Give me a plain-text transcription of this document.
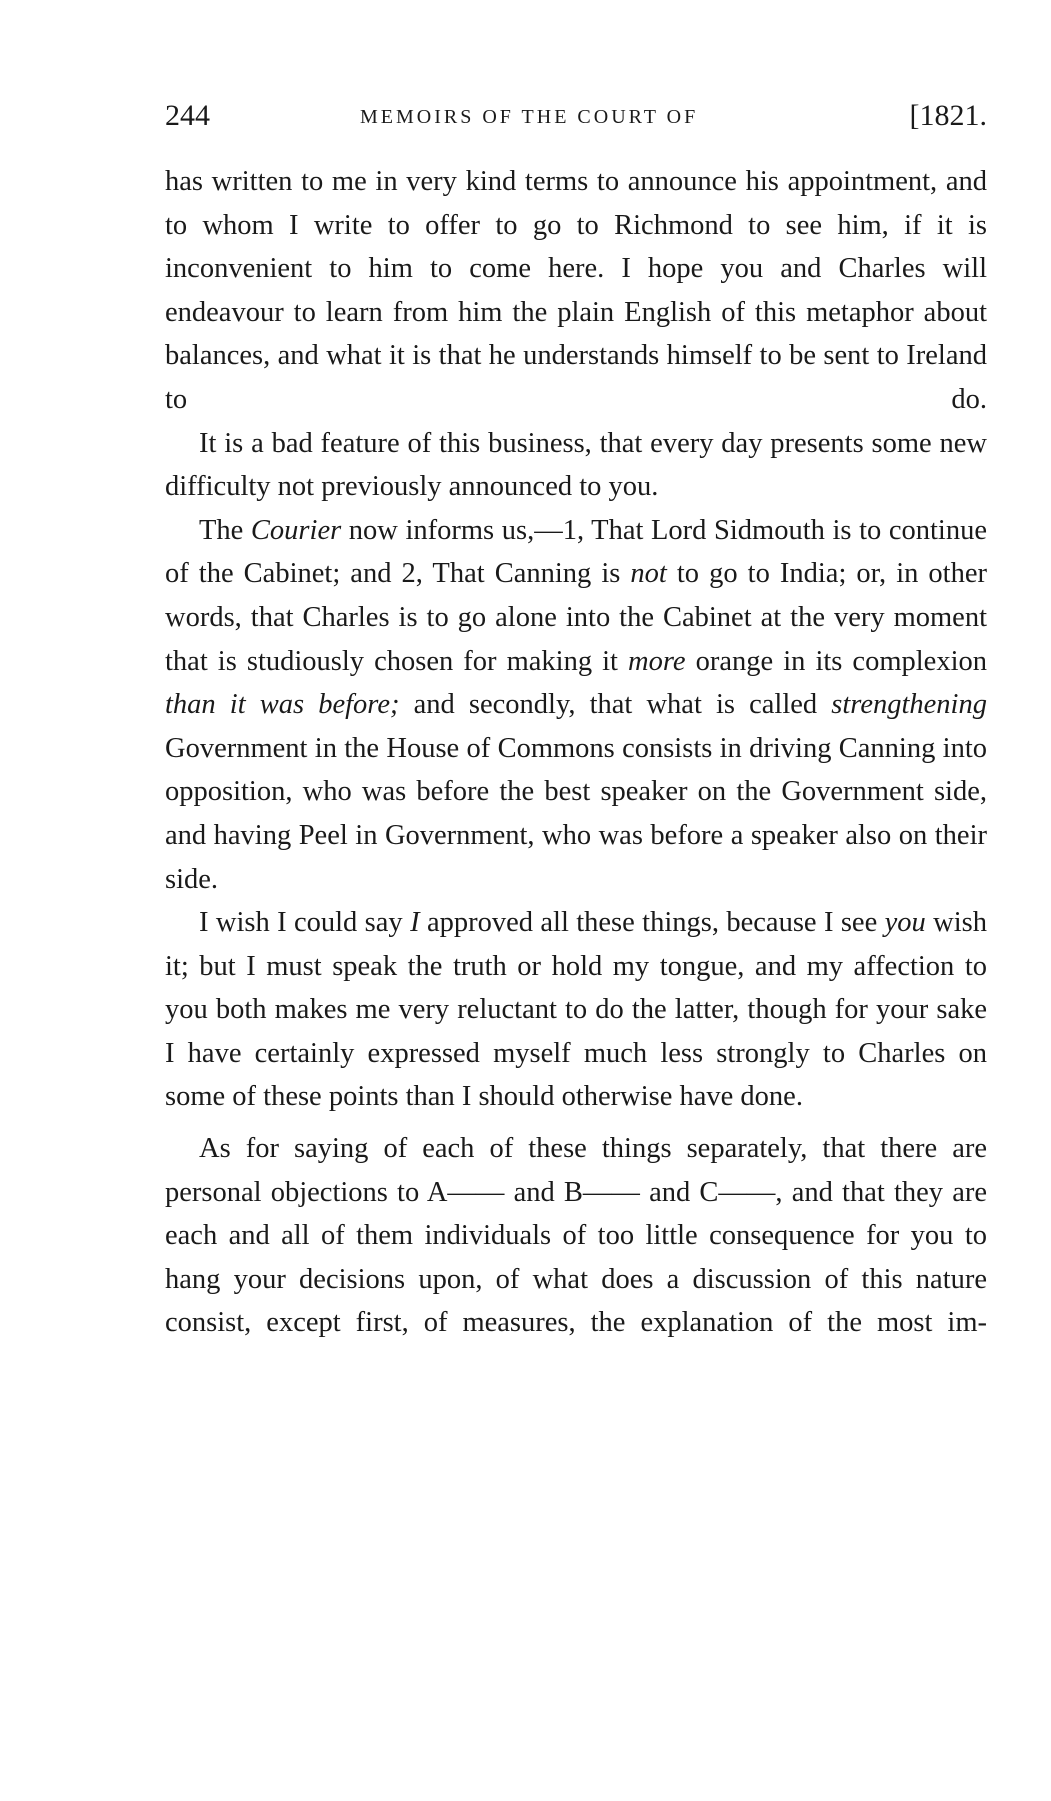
244	MEMOIRS OF THE COURT OF	[1821.

has written to me in very kind terms to announce his appointment, and to whom I write to offer to go to Richmond to see him, if it is inconvenient to him to come here. I hope you and Charles will endeavour to learn from him the plain English of this metaphor about balances, and what it is that he understands himself to be sent to Ireland to do.

It is a bad feature of this business, that every day presents some new difficulty not previously announced to you.

The Courier now informs us,—1, That Lord Sidmouth is to continue of the Cabinet; and 2, That Canning is not to go to India; or, in other words, that Charles is to go alone into the Cabinet at the very moment that is studiously chosen for making it more orange in its complexion than it was before; and secondly, that what is called strengthening Government in the House of Commons consists in driving Canning into opposition, who was before the best speaker on the Government side, and having Peel in Government, who was before a speaker also on their side.

I wish I could say I approved all these things, because I see you wish it; but I must speak the truth or hold my tongue, and my affection to you both makes me very reluctant to do the latter, though for your sake I have certainly expressed myself much less strongly to Charles on some of these points than I should otherwise have done.

As for saying of each of these things separately, that there are personal objections to A—— and B—— and C——, and that they are each and all of them individuals of too little consequence for you to hang your decisions upon, of what does a discussion of this nature consist, except first, of measures, the explanation of the most im-
